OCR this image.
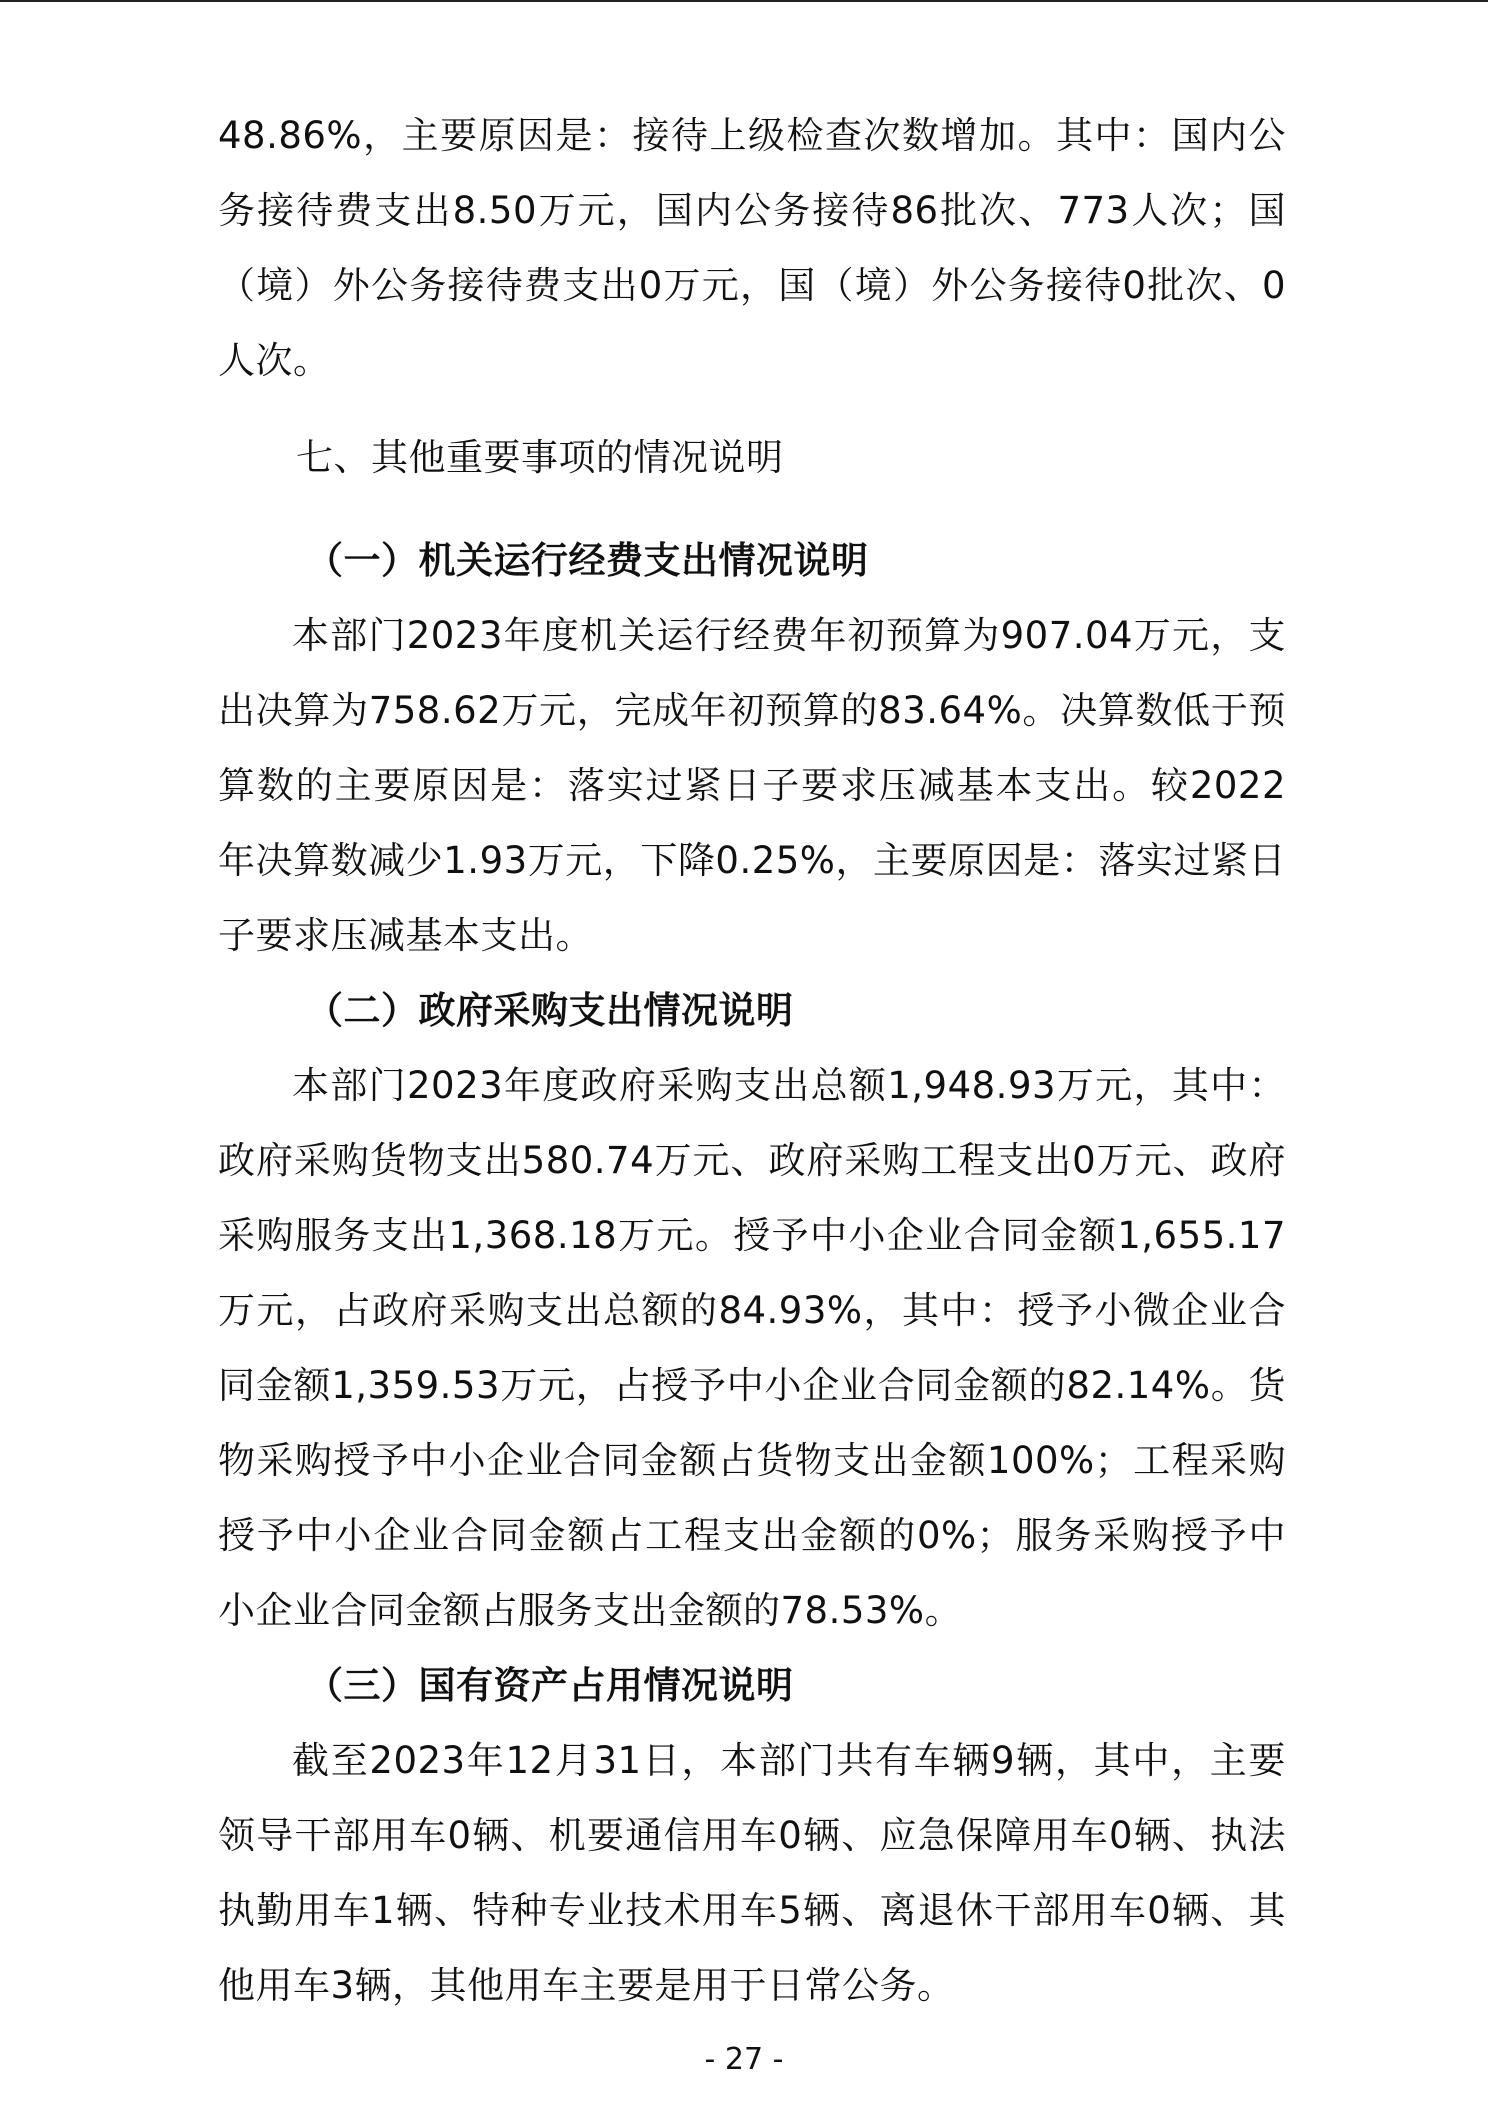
48.86%，主要原因是：接待上级检查次数增加。其中：国内公务接待费支出8.50万元，国内公务接待86批次、773人次；国（境）外公务接待费支出0万元，国（境）外公务接待0批次、0人次。

七、其他重要事项的情况说明
（一）机关运行经费支出情况说明

本部门2023年度机关运行经费年初预算为907.04万元，支出决算为758.62万元，完成年初预算的83.64%。决算数低于预算数的主要原因是：落实过紧日子要求压减基本支出。较2022年决算数减少1.93万元，下降0.25%，主要原因是：落实过紧日子要求压减基本支出。

（二）政府采购支出情况说明

本部门2023年度政府采购支出总额1,948.93万元，其中：政府采购货物支出580.74万元、政府采购工程支出0万元、政府采购服务支出1,368.18万元。授予中小企业合同金额1,655.17万元，占政府采购支出总额的84.93%，其中：授予小微企业合同金额1,359.53万元，占授予中小企业合同金额的82.14%。货物采购授予中小企业合同金额占货物支出金额100%；工程采购授予中小企业合同金额占工程支出金额的0%；服务采购授予中小企业合同金额占服务支出金额的78.53%。

（三）国有资产占用情况说明

截至2023年12月31日，本部门共有车辆9辆，其中，主要领导干部用车0辆、机要通信用车0辆、应急保障用车0辆、执法执勤用车1辆、特种专业技术用车5辆、离退休干部用车0辆、其他用车3辆，其他用车主要是用于日常公务。

- 27 -
